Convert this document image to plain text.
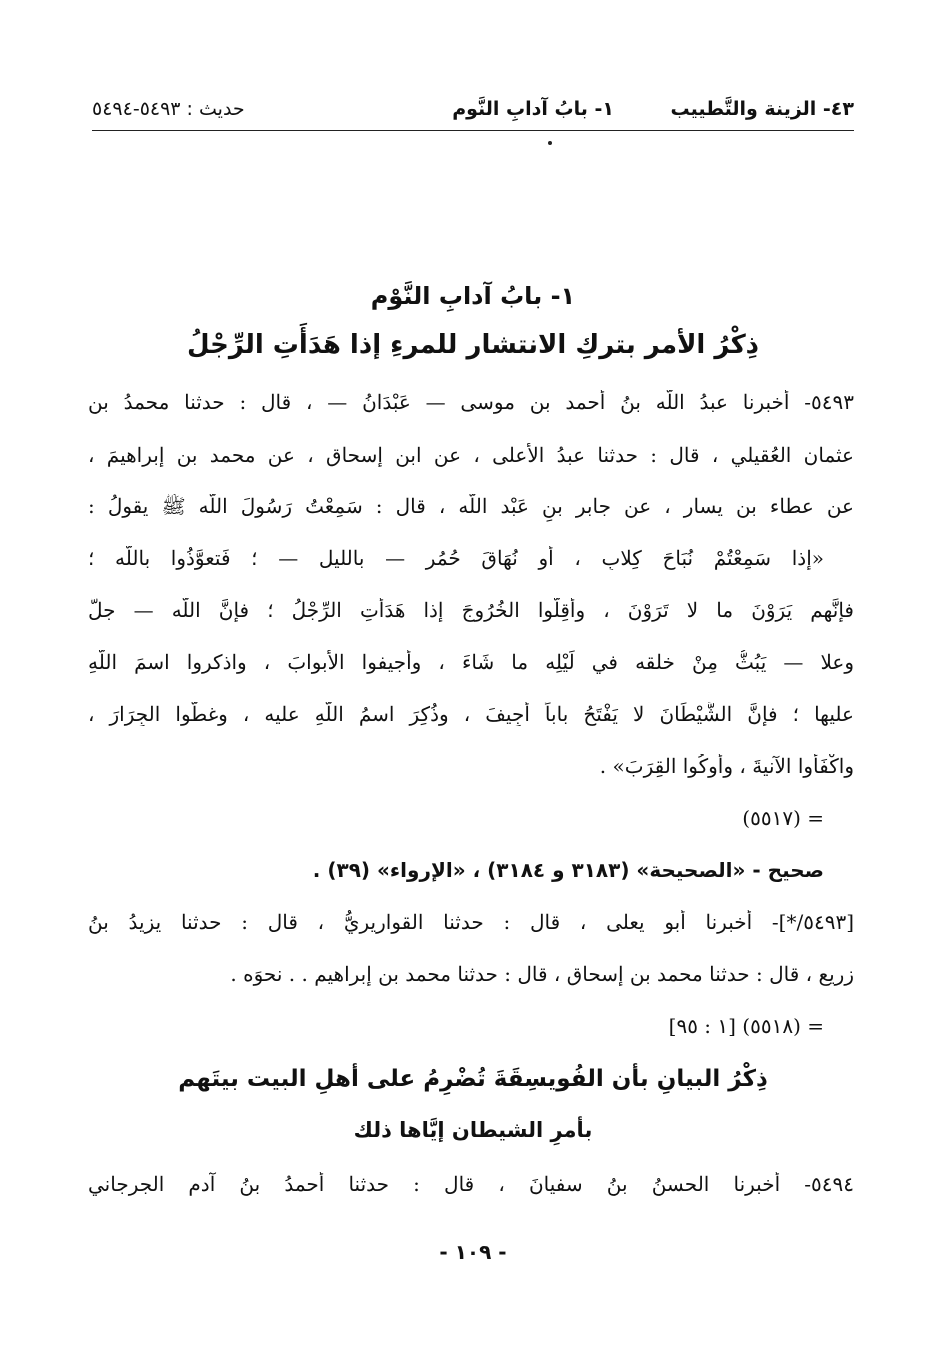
٤٣- الزينة والتَّطييب
١- بابُ آدابِ النَّوم
حديث : ٥٤٩٣-٥٤٩٤
١- بابُ آدابِ النَّوْم
ذِكْرُ الأمر بتركِ الانتشار للمرءِ إذا هَدَأَتِ الرِّجْلُ
٥٤٩٣- أخبرنا عبدُ اللَّه بنُ أحمد بنِ موسى — عَبْدَانُ — ، قال : حدثنا محمدُ بن
عثمان العُقيلي ، قال : حدثنا عبدُ الأعلى ، عن ابنِ إسحاق ، عن محمد بنِ إبراهيمَ ،
عن عطاء بن يسار ، عن جابر بنِ عَبْد اللَّه ، قال : سَمِعْتُ رَسُولَ اللَّه ﷺ يقولُ :
«إذا سَمِعْتُمْ نُبَاحَ كِلابٍ ، أو نُهَاقَ حُمُرٍ — بالليلِ — ؛ فَتعوَّذُوا باللَّه ؛
فإنَّهم يَرَوْنَ ما لا تَرَوْنَ ، وأَقِلُّوا الخُرُوجَ إذا هَدَأَتِ الرِّجْلُ ؛ فإنَّ اللَّه — جلَّ
وعلا — يَبُثُّ مِنْ خلقه في لَيْلِه ما شَاءَ ، وأجيفوا الأبوابَ ، واذكروا اسمَ اللَّهِ
عليها ؛ فإنَّ الشَّيْطَانَ لا يَفْتَحُ باباً أُجِيفَ ، وذُكِرَ اسمُ اللَّهِ عليه ، وغطُّوا الجِرَارَ ،
واكْفَأُوا الآنيةَ ، وأوكُوا القِرَبَ» .
= (٥٥١٧)
صحيح - «الصحيحة» (٣١٨٣ و ٣١٨٤) ، «الإرواء» (٣٩) .
[٥٤٩٣/*]- أخبرنا أبو يعلى ، قال : حدثنا القواريريُّ ، قال : حدثنا يزيدُ بنُ
زريع ، قال : حدثنا محمد بن إسحاق ، قال : حدثنا محمد بن إبراهيم . . نحوَه .
= (٥٥١٨) [١ : ٩٥]
ذِكْرُ البيانِ بأن الفُويسِقَةَ تُضْرِمُ على أهلِ البيت بيتَهم
بأمرِ الشيطان إيَّاها ذلك
٥٤٩٤- أخبرنا الحسنُ بنُ سفيانَ ، قال : حدثنا أحمدُ بنُ آدم الجرجاني
- ١٠٩ -
